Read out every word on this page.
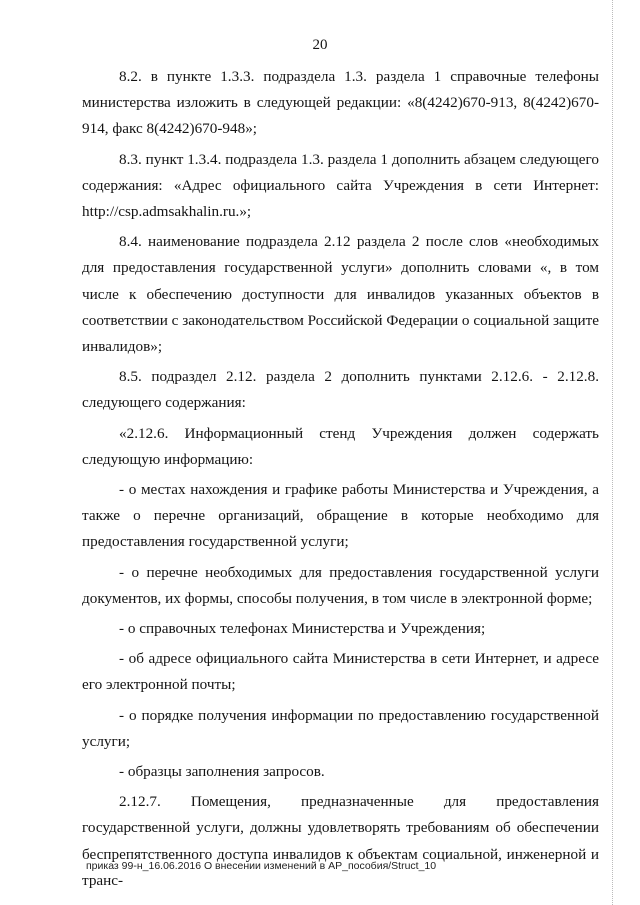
20

8.2. в пункте 1.3.3. подраздела 1.3. раздела 1 справочные телефоны министерства изложить в следующей редакции: «8(4242)670-913, 8(4242)670-914, факс 8(4242)670-948»;

8.3. пункт 1.3.4. подраздела 1.3. раздела 1 дополнить абзацем следующего содержания: «Адрес официального сайта Учреждения в сети Интернет: http://csp.admsakhalin.ru.»;

8.4. наименование подраздела 2.12 раздела 2 после слов «необходимых для предоставления государственной услуги» дополнить словами «, в том числе к обеспечению доступности для инвалидов указанных объектов в соответствии с законодательством Российской Федерации о социальной защите инвалидов»;

8.5. подраздел 2.12. раздела 2 дополнить пунктами 2.12.6. - 2.12.8. следующего содержания:

«2.12.6. Информационный стенд Учреждения должен содержать следующую информацию:

- о местах нахождения и графике работы Министерства и Учреждения, а также о перечне организаций, обращение в которые необходимо для предоставления государственной услуги;

- о перечне необходимых для предоставления государственной услуги документов, их формы, способы получения, в том числе в электронной форме;

- о справочных телефонах Министерства и Учреждения;

- об адресе официального сайта Министерства в сети Интернет, и адресе его электронной почты;

- о порядке получения информации по предоставлению государственной услуги;

- образцы заполнения запросов.

2.12.7. Помещения, предназначенные для предоставления государственной услуги, должны удовлетворять требованиям об обеспечении беспрепятственного доступа инвалидов к объектам социальной, инженерной и транс-

приказ 99-н_16.06.2016 О внесении изменений в АР_пособия/Struct_10
